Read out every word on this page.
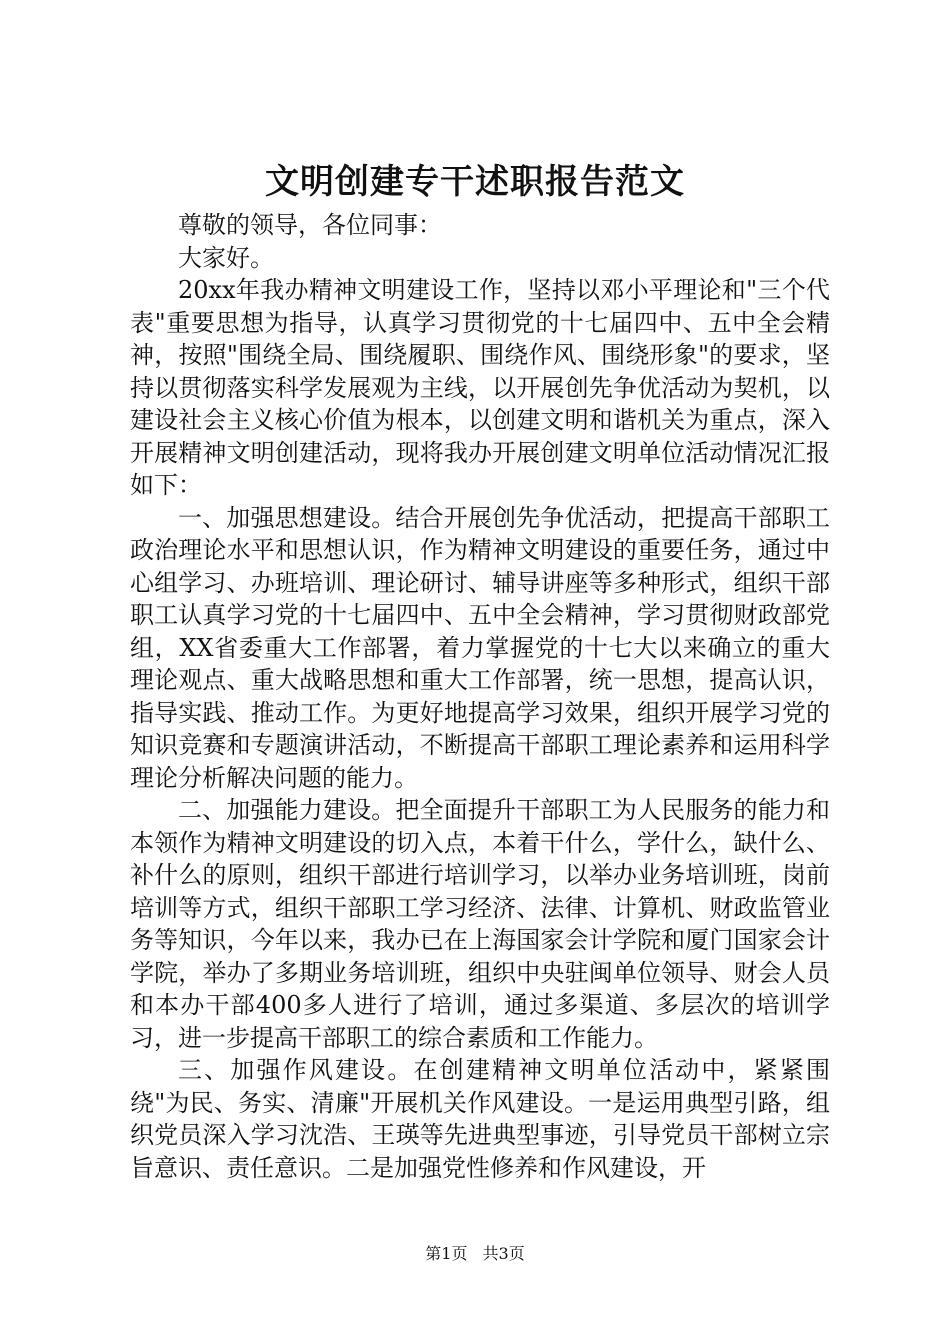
文明创建专干述职报告范文

尊敬的领导，各位同事：

大家好。

20xx年我办精神文明建设工作，坚持以邓小平理论和"三个代表"重要思想为指导，认真学习贯彻党的十七届四中、五中全会精神，按照"围绕全局、围绕履职、围绕作风、围绕形象"的要求，坚持以贯彻落实科学发展观为主线，以开展创先争优活动为契机，以建设社会主义核心价值为根本，以创建文明和谐机关为重点，深入开展精神文明创建活动，现将我办开展创建文明单位活动情况汇报如下：

一、加强思想建设。结合开展创先争优活动，把提高干部职工政治理论水平和思想认识，作为精神文明建设的重要任务，通过中心组学习、办班培训、理论研讨、辅导讲座等多种形式，组织干部职工认真学习党的十七届四中、五中全会精神，学习贯彻财政部党组，XX省委重大工作部署，着力掌握党的十七大以来确立的重大理论观点、重大战略思想和重大工作部署，统一思想，提高认识，指导实践、推动工作。为更好地提高学习效果，组织开展学习党的知识竞赛和专题演讲活动，不断提高干部职工理论素养和运用科学理论分析解决问题的能力。

二、加强能力建设。把全面提升干部职工为人民服务的能力和本领作为精神文明建设的切入点，本着干什么，学什么，缺什么、补什么的原则，组织干部进行培训学习，以举办业务培训班，岗前培训等方式，组织干部职工学习经济、法律、计算机、财政监管业务等知识，今年以来，我办已在上海国家会计学院和厦门国家会计学院，举办了多期业务培训班，组织中央驻闽单位领导、财会人员和本办干部400多人进行了培训，通过多渠道、多层次的培训学习，进一步提高干部职工的综合素质和工作能力。

三、加强作风建设。在创建精神文明单位活动中，紧紧围绕"为民、务实、清廉"开展机关作风建设。一是运用典型引路，组织党员深入学习沈浩、王瑛等先进典型事迹，引导党员干部树立宗旨意识、责任意识。二是加强党性修养和作风建设，开

第1页 共3页
